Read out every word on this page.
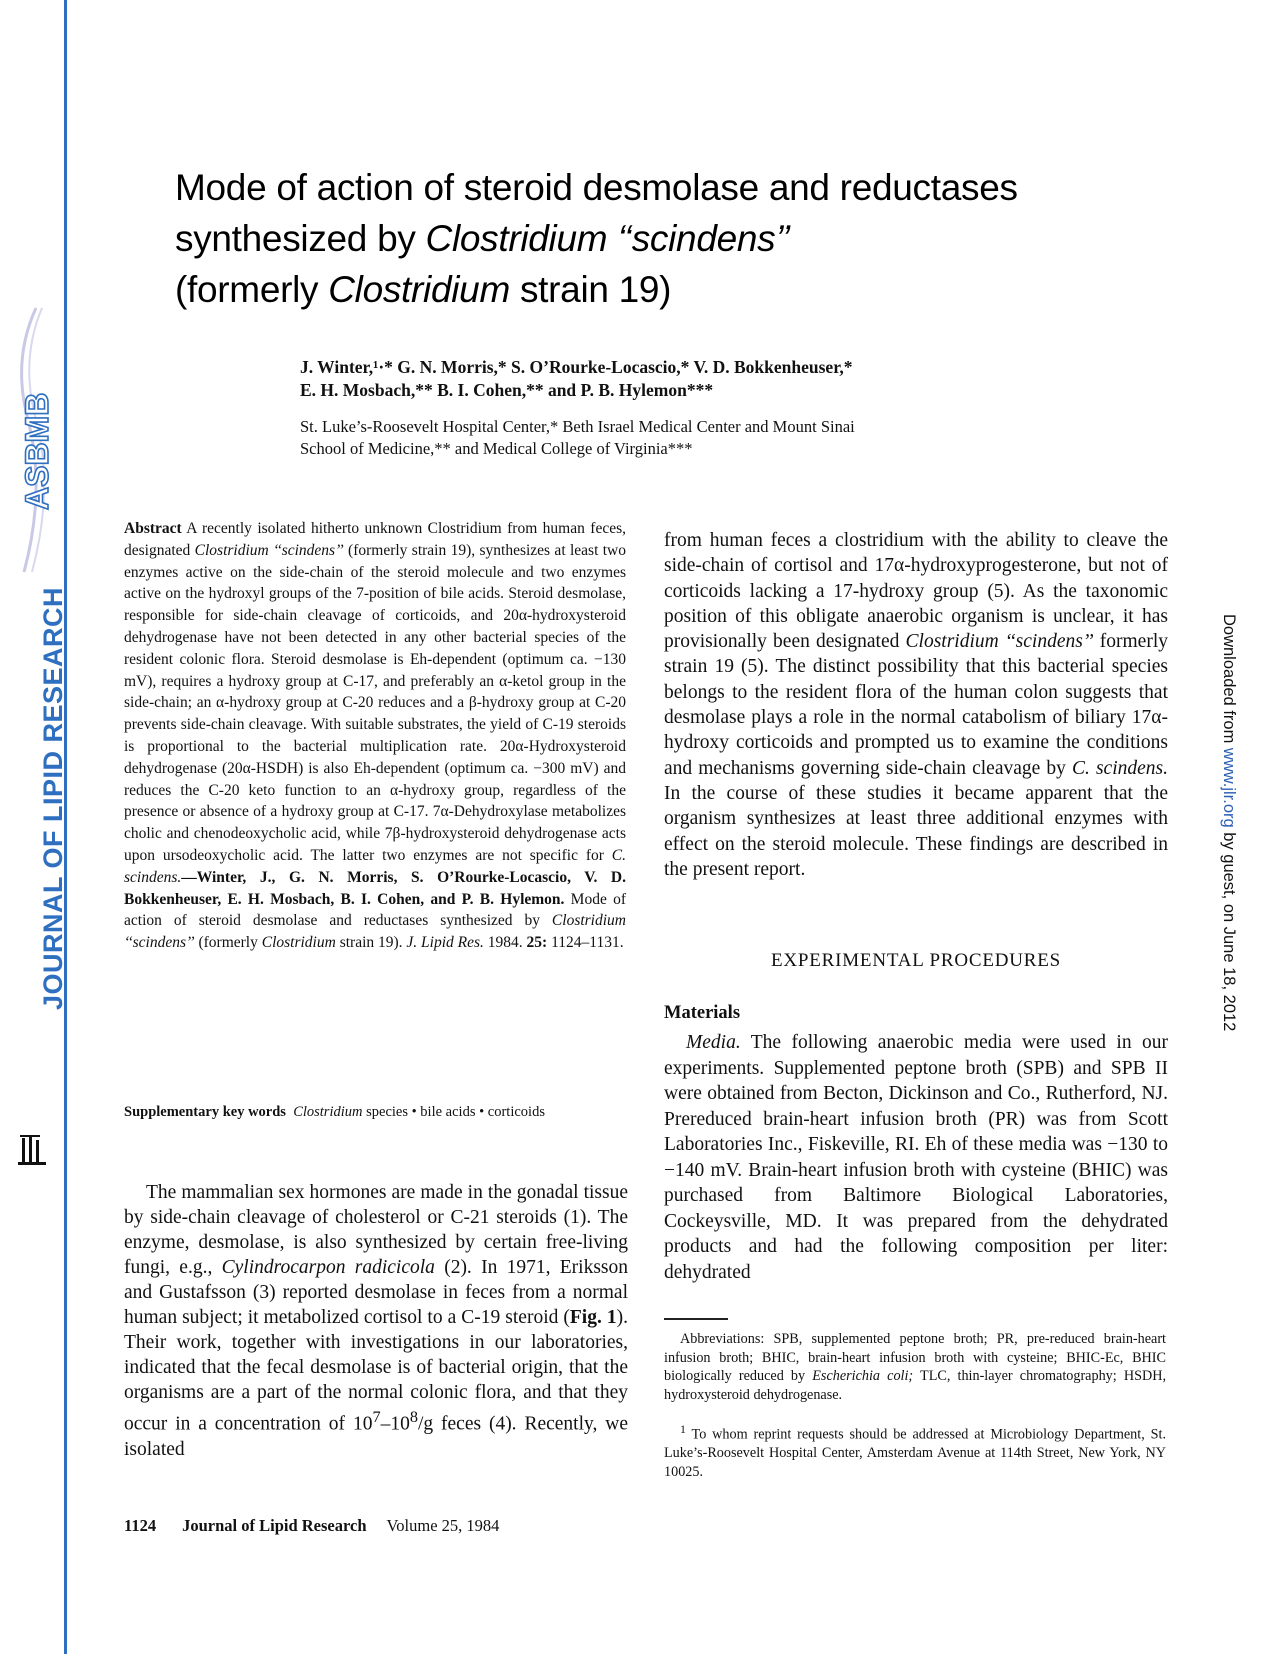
ASBMB
JOURNAL OF LIPID RESEARCH	Downloaded from www.jlr.org by guest, on June 18, 2012
Mode of action of steroid desmolase and reductases
synthesized by Clostridium ‘‘scindens’’
(formerly Clostridium strain 19)

J. Winter,¹·* G. N. Morris,* S. O’Rourke-Locascio,* V. D. Bokkenheuser,*
E. H. Mosbach,** B. I. Cohen,** and P. B. Hylemon***

St. Luke’s-Roosevelt Hospital Center,* Beth Israel Medical Center and Mount Sinai
School of Medicine,** and Medical College of Virginia***

Abstract A recently isolated hitherto unknown Clostridium from human feces, designated Clostridium ‘‘scindens’’ (formerly strain 19), synthesizes at least two enzymes active on the side-chain of the steroid molecule and two enzymes active on the hydroxyl groups of the 7-position of bile acids. Steroid desmolase, responsible for side-chain cleavage of corticoids, and 20α-hydroxysteroid dehydrogenase have not been detected in any other bacterial species of the resident colonic flora. Steroid desmolase is Eh-dependent (optimum ca. −130 mV), requires a hydroxy group at C-17, and preferably an α-ketol group in the side-chain; an α-hydroxy group at C-20 reduces and a β-hydroxy group at C-20 prevents side-chain cleavage. With suitable substrates, the yield of C-19 steroids is proportional to the bacterial multiplication rate. 20α-Hydroxysteroid dehydrogenase (20α-HSDH) is also Eh-dependent (optimum ca. −300 mV) and reduces the C-20 keto function to an α-hydroxy group, regardless of the presence or absence of a hydroxy group at C-17. 7α-Dehydroxylase metabolizes cholic and chenodeoxycholic acid, while 7β-hydroxysteroid dehydrogenase acts upon ursodeoxycholic acid. The latter two enzymes are not specific for C. scindens.—Winter, J., G. N. Morris, S. O’Rourke-Locascio, V. D. Bokkenheuser, E. H. Mosbach, B. I. Cohen, and P. B. Hylemon. Mode of action of steroid desmolase and reductases synthesized by Clostridium ‘‘scindens’’ (formerly Clostridium strain 19). J. Lipid Res. 1984. 25: 1124–1131.

Supplementary key words Clostridium species • bile acids • corticoids

The mammalian sex hormones are made in the gonadal tissue by side-chain cleavage of cholesterol or C-21 steroids (1). The enzyme, desmolase, is also synthesized by certain free-living fungi, e.g., Cylindrocarpon radicicola (2). In 1971, Eriksson and Gustafsson (3) reported desmolase in feces from a normal human subject; it metabolized cortisol to a C-19 steroid (Fig. 1). Their work, together with investigations in our laboratories, indicated that the fecal desmolase is of bacterial origin, that the organisms are a part of the normal colonic flora, and that they occur in a concentration of $10^7-10^8/g$ feces (4). Recently, we isolated

from human feces a clostridium with the ability to cleave the side-chain of cortisol and 17α-hydroxyprogesterone, but not of corticoids lacking a 17-hydroxy group (5). As the taxonomic position of this obligate anaerobic organism is unclear, it has provisionally been designated Clostridium ‘‘scindens’’ formerly strain 19 (5). The distinct possibility that this bacterial species belongs to the resident flora of the human colon suggests that desmolase plays a role in the normal catabolism of biliary 17α-hydroxy corticoids and prompted us to examine the conditions and mechanisms governing side-chain cleavage by C. scindens. In the course of these studies it became apparent that the organism synthesizes at least three additional enzymes with effect on the steroid molecule. These findings are described in the present report.

EXPERIMENTAL PROCEDURES
Materials

Media. The following anaerobic media were used in our experiments. Supplemented peptone broth (SPB) and SPB II were obtained from Becton, Dickinson and Co., Rutherford, NJ. Prereduced brain-heart infusion broth (PR) was from Scott Laboratories Inc., Fiskeville, RI. Eh of these media was −130 to −140 mV. Brain-heart infusion broth with cysteine (BHIC) was purchased from Baltimore Biological Laboratories, Cockeysville, MD. It was prepared from the dehydrated products and had the following composition per liter: dehydrated

Abbreviations: SPB, supplemented peptone broth; PR, pre-reduced brain-heart infusion broth; BHIC, brain-heart infusion broth with cysteine; BHIC-Ec, BHIC biologically reduced by Escherichia coli; TLC, thin-layer chromatography; HSDH, hydroxysteroid dehydrogenase.

$^1$ To whom reprint requests should be addressed at Microbiology Department, St. Luke’s-Roosevelt Hospital Center, Amsterdam Avenue at 114th Street, New York, NY 10025.

1124 Journal of Lipid Research Volume 25, 1984
